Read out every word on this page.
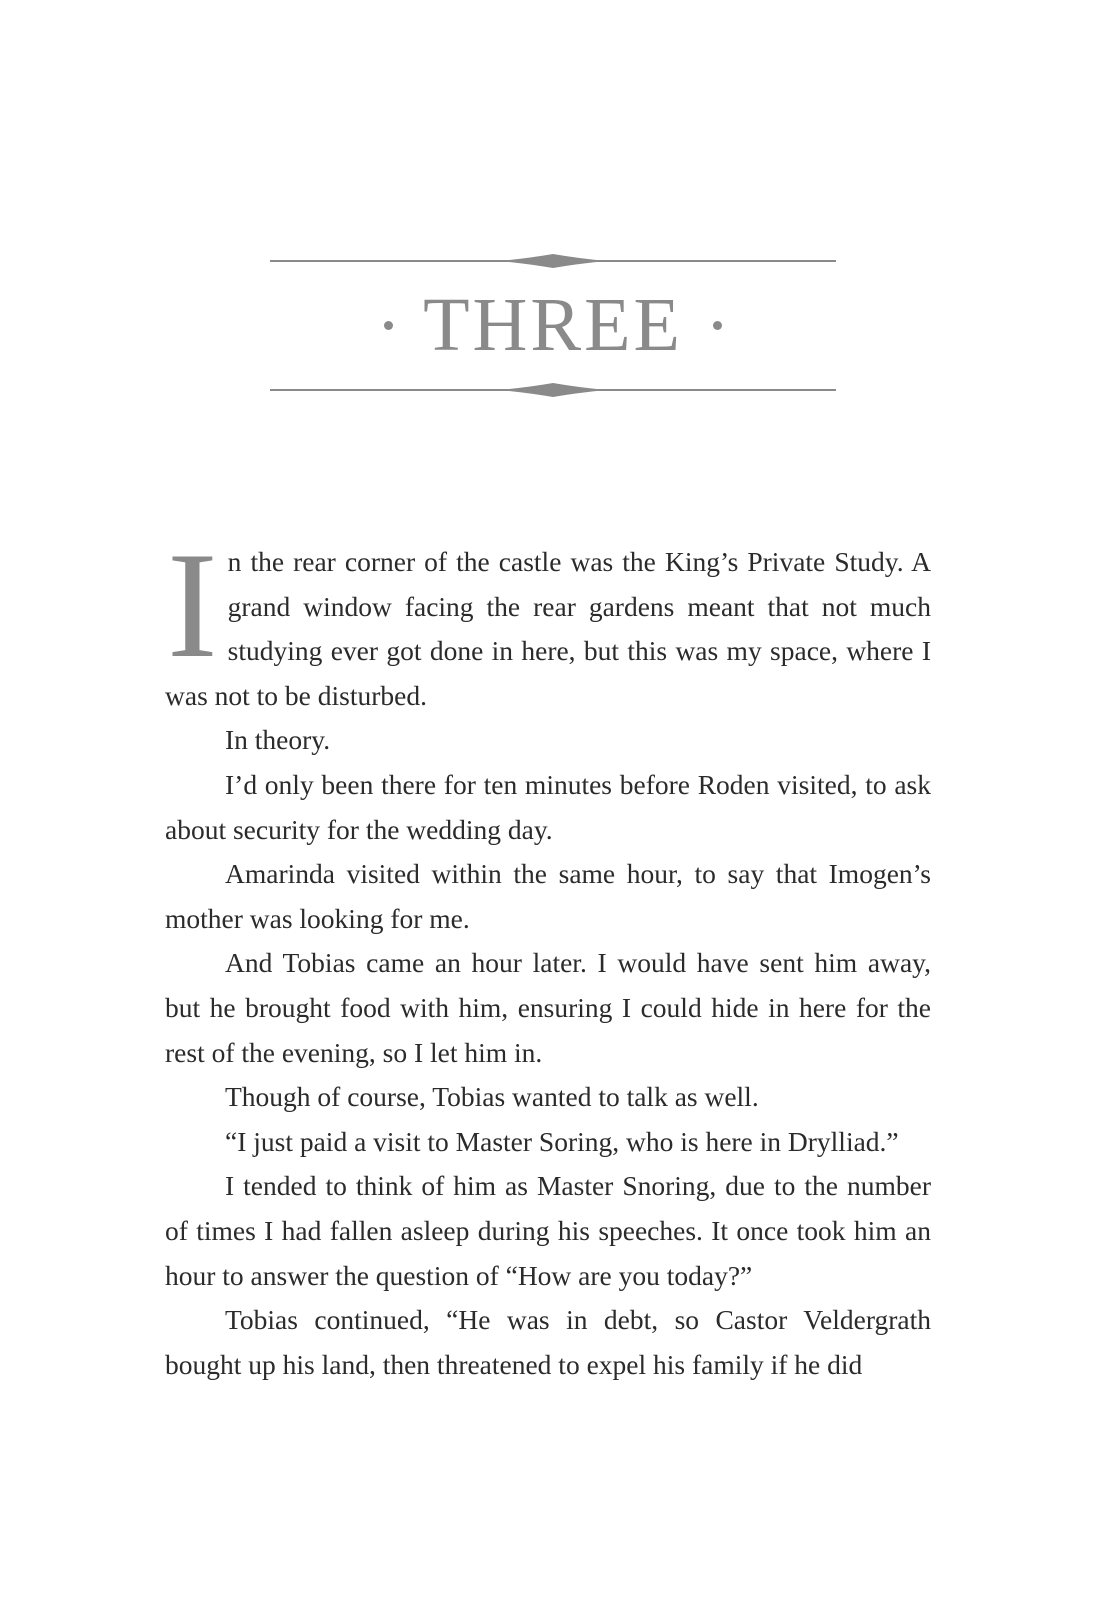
THREE

In the rear corner of the castle was the King’s Private Study. A grand window facing the rear gardens meant that not much studying ever got done in here, but this was my space, where I was not to be disturbed.

In theory.

I’d only been there for ten minutes before Roden visited, to ask about security for the wedding day.

Amarinda visited within the same hour, to say that Imogen’s mother was looking for me.

And Tobias came an hour later. I would have sent him away, but he brought food with him, ensuring I could hide in here for the rest of the evening, so I let him in.

Though of course, Tobias wanted to talk as well.

“I just paid a visit to Master Soring, who is here in Drylliad.”

I tended to think of him as Master Snoring, due to the number of times I had fallen asleep during his speeches. It once took him an hour to answer the question of “How are you today?”

Tobias continued, “He was in debt, so Castor Veldergrath bought up his land, then threatened to expel his family if he did
